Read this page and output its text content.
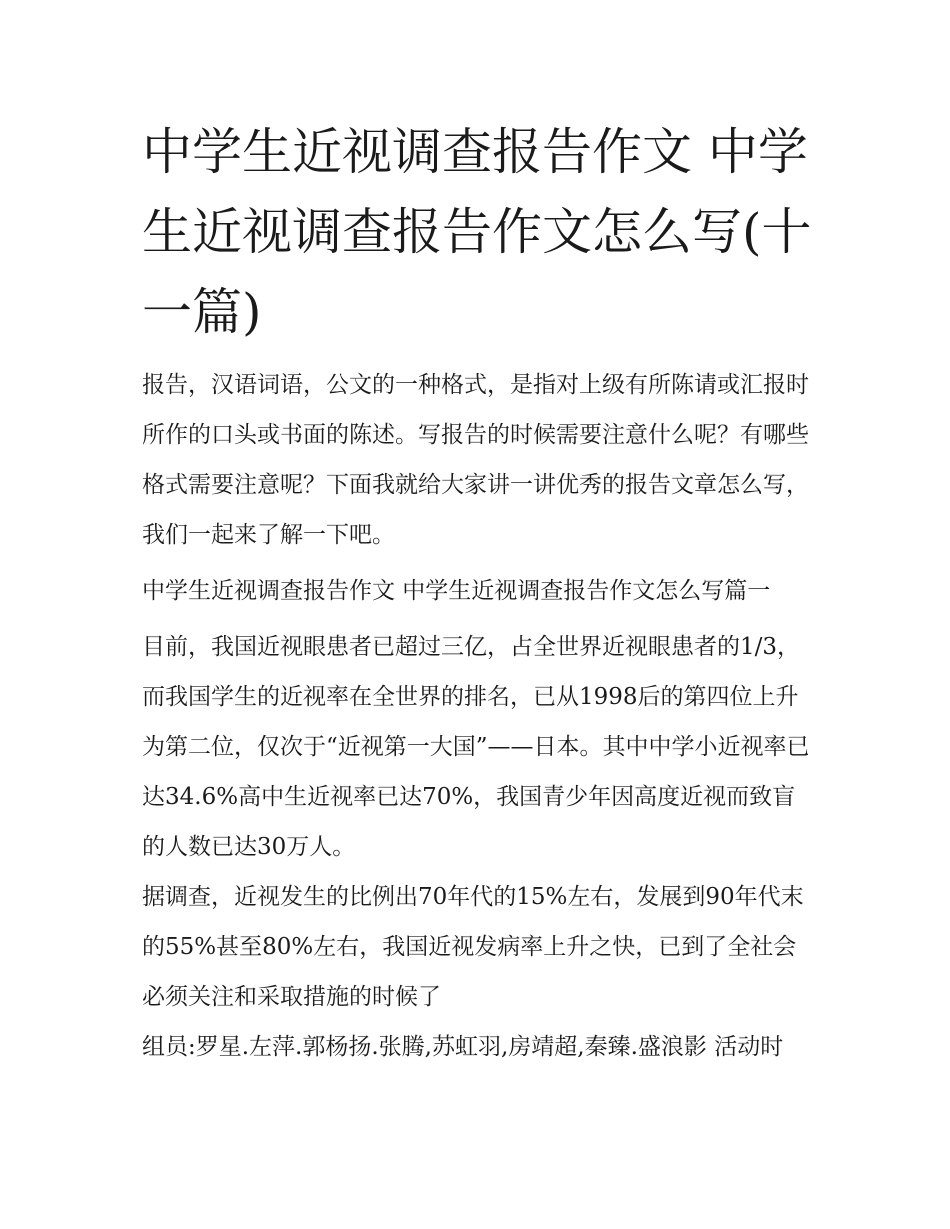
中学生近视调查报告作文 中学生近视调查报告作文怎么写(十一篇)

报告，汉语词语，公文的一种格式，是指对上级有所陈请或汇报时所作的口头或书面的陈述。写报告的时候需要注意什么呢？有哪些格式需要注意呢？下面我就给大家讲一讲优秀的报告文章怎么写，我们一起来了解一下吧。

中学生近视调查报告作文 中学生近视调查报告作文怎么写篇一

目前，我国近视眼患者已超过三亿，占全世界近视眼患者的1/3，而我国学生的近视率在全世界的排名，已从1998后的第四位上升为第二位，仅次于“近视第一大国”——日本。其中中学小近视率已达34.6%高中生近视率已达70%，我国青少年因高度近视而致盲的人数已达30万人。

据调查，近视发生的比例出70年代的15%左右，发展到90年代末的55%甚至80%左右，我国近视发病率上升之快，已到了全社会必须关注和采取措施的时候了

组员:罗星.左萍.郭杨扬.张腾,苏虹羽,房靖超,秦臻.盛浪影 活动时
